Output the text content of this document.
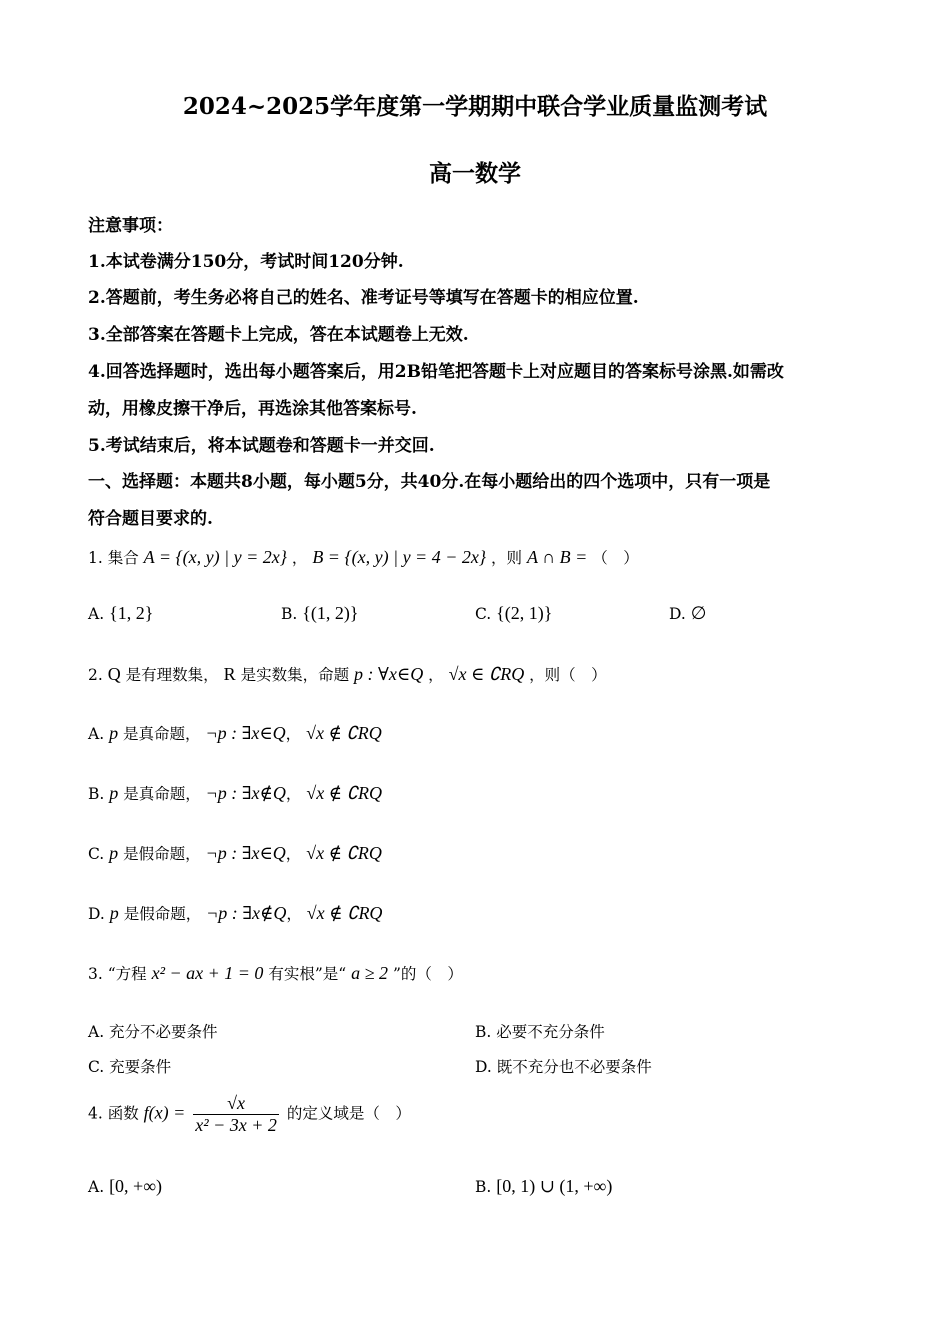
2024~2025学年度第一学期期中联合学业质量监测考试
高一数学
注意事项：
1.本试卷满分150分，考试时间120分钟.
2.答题前，考生务必将自己的姓名、准考证号等填写在答题卡的相应位置.
3.全部答案在答题卡上完成，答在本试题卷上无效.
4.回答选择题时，选出每小题答案后，用2B铅笔把答题卡上对应题目的答案标号涂黑.如需改
动，用橡皮擦干净后，再选涂其他答案标号.
5.考试结束后，将本试题卷和答题卡一并交回.
一、选择题：本题共8小题，每小题5分，共40分.在每小题给出的四个选项中，只有一项是
符合题目要求的.
1. 集合 A = {(x, y) | y = 2x} ， B = {(x, y) | y = 4 − 2x} ，则 A ∩ B = （　）
A. {1, 2}	B. {(1, 2)}	C. {(2, 1)}	D. ∅
2. Q 是有理数集， R 是实数集，命题 p : ∀x∈Q ， √x ∈ ∁RQ ，则（　）
A. p 是真命题， ¬p : ∃x∈Q， √x ∉ ∁RQ
B. p 是真命题， ¬p : ∃x∉Q， √x ∉ ∁RQ
C. p 是假命题， ¬p : ∃x∈Q， √x ∉ ∁RQ
D. p 是假命题， ¬p : ∃x∉Q， √x ∉ ∁RQ
3. “方程 x² − ax + 1 = 0 有实根”是“ a ≥ 2 ”的（　）
A. 充分不必要条件	B. 必要不充分条件
C. 充要条件	D. 既不充分也不必要条件
4. 函数 $f(x) = \frac{√x}{\text{x² − 3x + 2}}$ 的定义域是（　）
A. [0, +∞)	B. [0, 1) ∪ (1, +∞)
